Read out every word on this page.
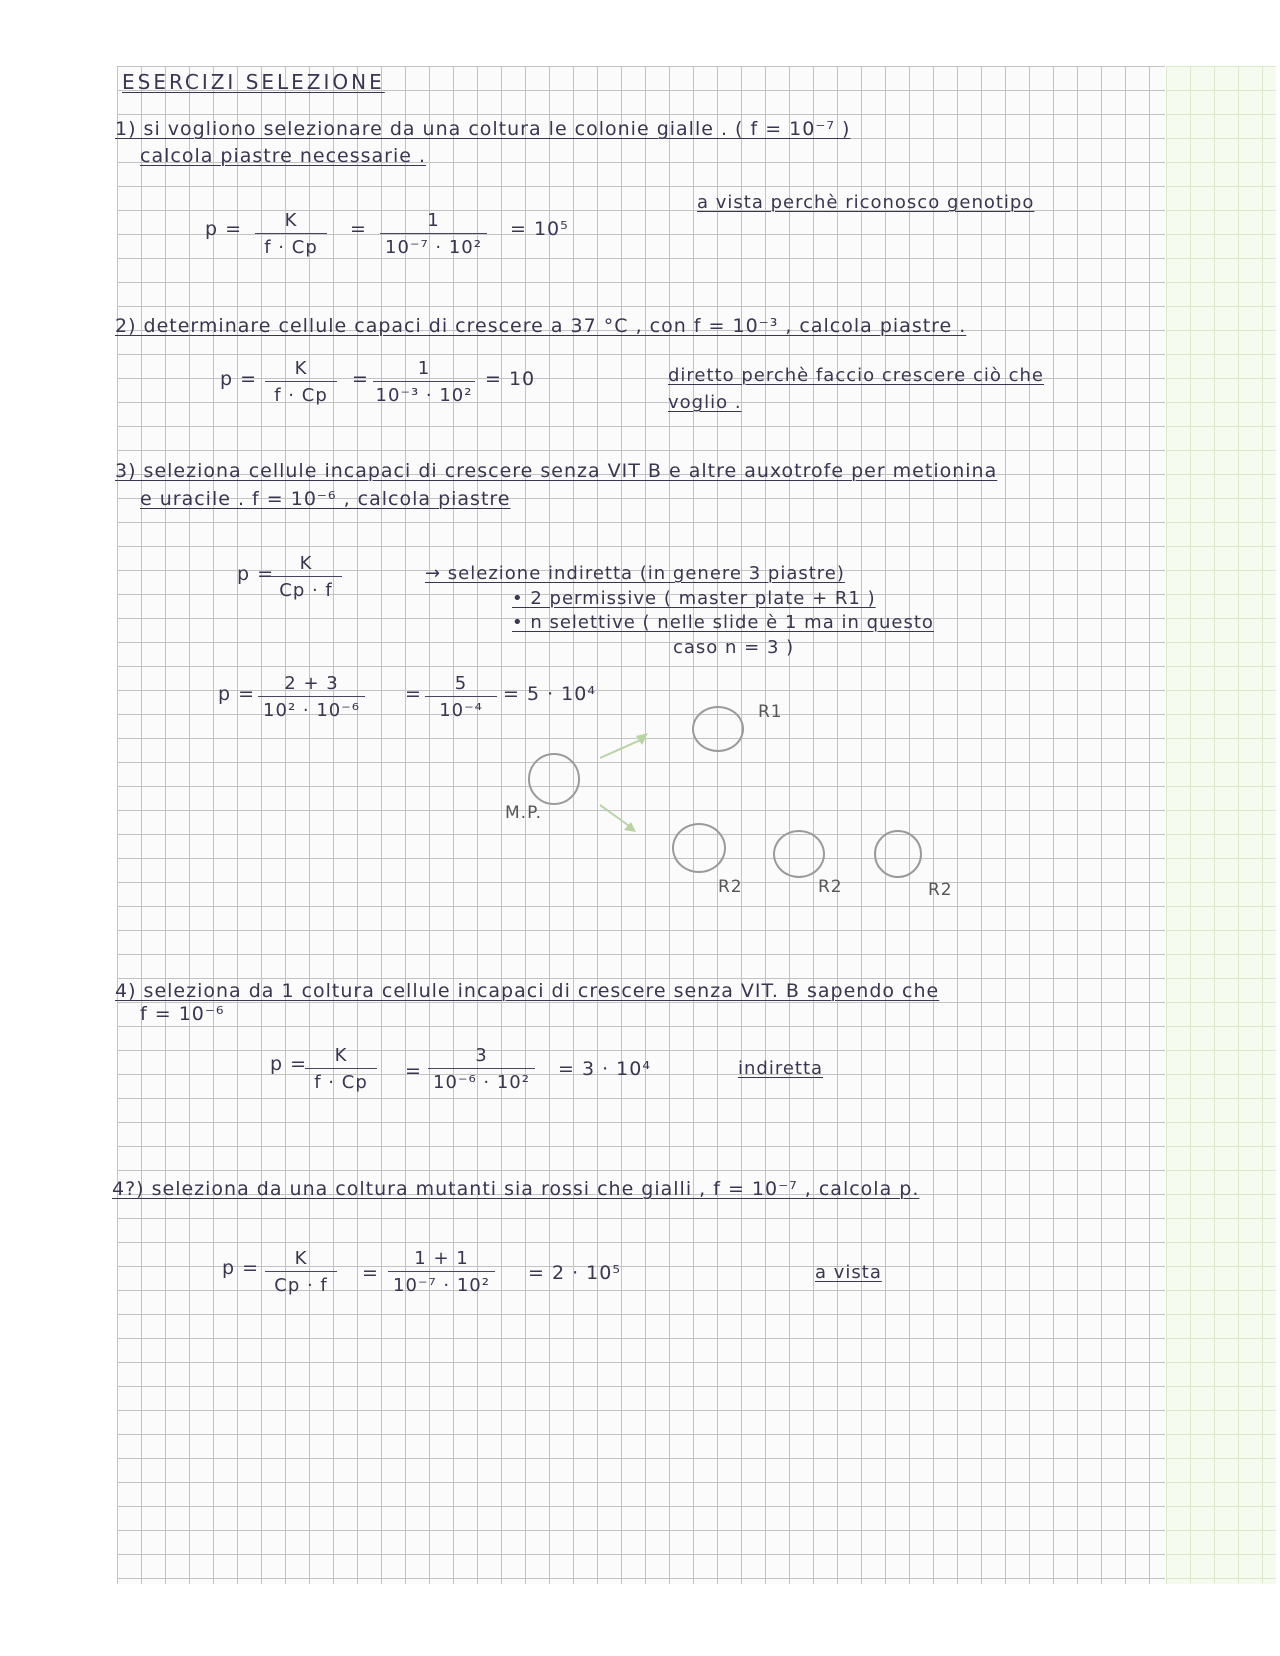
ESERCIZI SELEZIONE
1) si vogliono selezionare da una coltura le colonie gialle . ( f = 10⁻⁷ )
calcola piastre necessarie .
a vista perchè riconosco genotipo
$p = \frac{K}{f \cdot Cp} = \frac{1}{\text{10⁻⁷ · 10²}} = 10^5$
2) determinare cellule capaci di crescere a 37 °C , con f = 10⁻³ , calcola piastre .
$p = \frac{K}{f \cdot Cp} = \frac{1}{\text{10⁻³ · 10²}} = 10$	diretto perchè faccio crescere ciò che
voglio .
3) seleziona cellule incapaci di crescere senza VIT B e altre auxotrofe per metionina
e uracile . f = 10⁻⁶ , calcola piastre
p =
$\frac{K}{Cp \cdot f}$	→ selezione indiretta (in genere 3 piastre)
• 2 permissive ( master plate + R1 )
• n selettive ( nelle slide è 1 ma in questo
caso n = 3 )
$p = \frac{2 + 3}{\text{10² · 10⁻⁶}} = \frac{5}{\text{10⁻⁴}} = 5 \cdot 10^4$
M.P.
R1
R2	R2	R2
4) seleziona da 1 coltura cellule incapaci di crescere senza VIT. B sapendo che
f = 10⁻⁶
p =
$\frac{K}{f \cdot Cp} = \frac{3}{\text{10⁻⁶ · 10²}} = 3 \cdot 10^4$	indiretta
4?) seleziona da una coltura mutanti sia rossi che gialli , f = 10⁻⁷ , calcola p.
$p = \frac{K}{Cp \cdot f} = \frac{1 + 1}{\text{10⁻⁷ · 10²}} = 2 \cdot 10^5$	a vista
